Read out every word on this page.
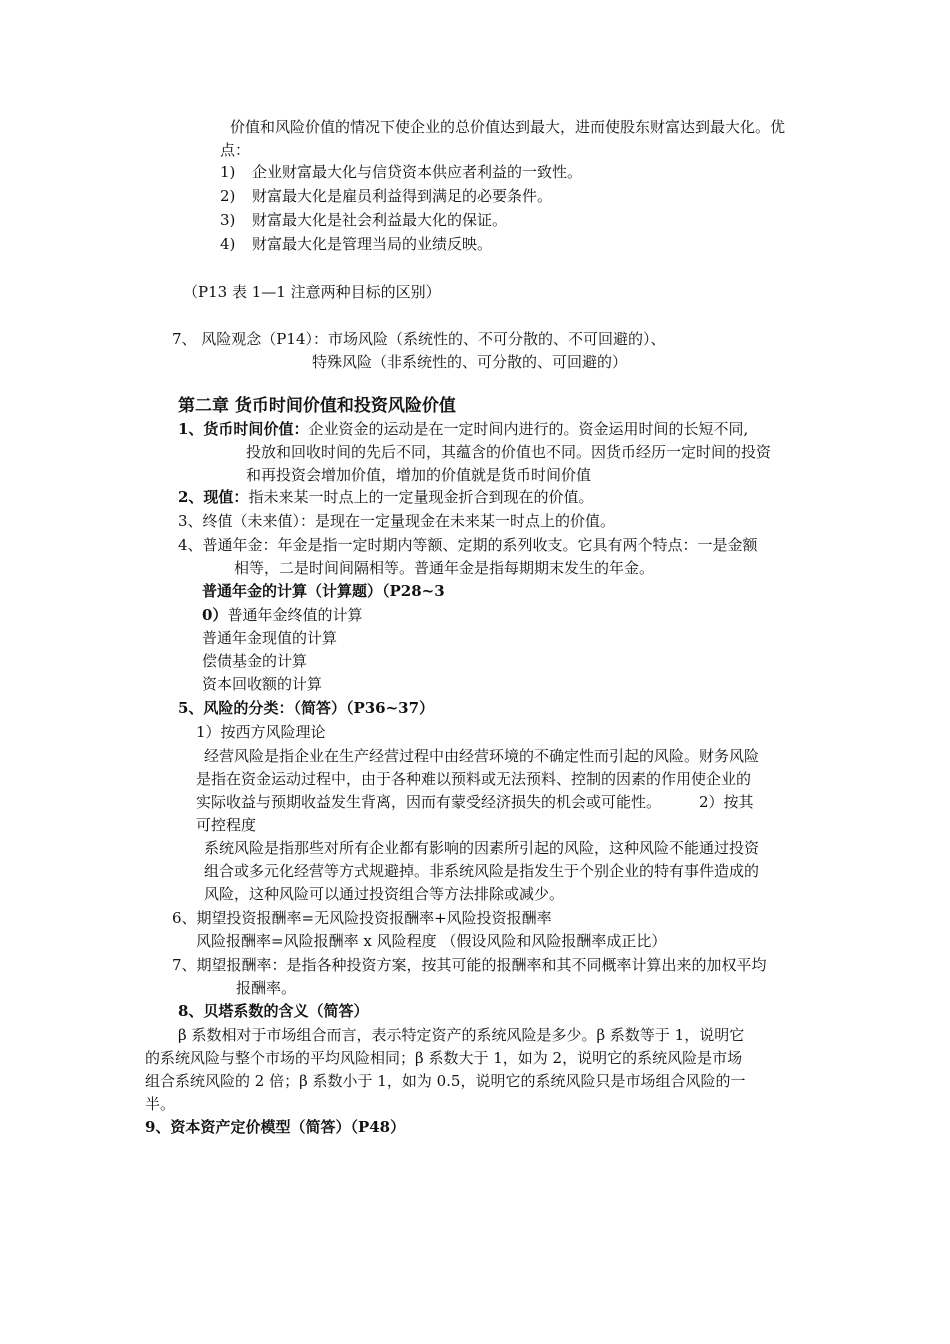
价值和风险价值的情况下使企业的总价值达到最大，进而使股东财富达到最大化。优
点：
1) 企业财富最大化与信贷资本供应者利益的一致性。
2) 财富最大化是雇员利益得到满足的必要条件。
3) 财富最大化是社会利益最大化的保证。
4) 财富最大化是管理当局的业绩反映。
（P13 表 1—1 注意两种目标的区别）
7、 风险观念（P14）：市场风险（系统性的、不可分散的、不可回避的）、
特殊风险（非系统性的、可分散的、可回避的）
第二章 货币时间价值和投资风险价值
1、货币时间价值：企业资金的运动是在一定时间内进行的。资金运用时间的长短不同,
投放和回收时间的先后不同，其蕴含的价值也不同。因货币经历一定时间的投资
和再投资会增加价值，增加的价值就是货币时间价值
2、现值：指未来某一时点上的一定量现金折合到现在的价值。
3、终值（未来值）：是现在一定量现金在未来某一时点上的价值。
4、普通年金：年金是指一定时期内等额、定期的系列收支。它具有两个特点：一是金额
相等，二是时间间隔相等。普通年金是指每期期末发生的年金。
普通年金的计算（计算题）（P28~3
0）普通年金终值的计算
普通年金现值的计算
偿债基金的计算
资本回收额的计算
5、风险的分类：（简答）（P36~37）
1）按西方风险理论
经营风险是指企业在生产经营过程中由经营环境的不确定性而引起的风险。财务风险
是指在资金运动过程中，由于各种难以预料或无法预料、控制的因素的作用使企业的
实际收益与预期收益发生背离，因而有蒙受经济损失的机会或可能性。	2）按其
可控程度
系统风险是指那些对所有企业都有影响的因素所引起的风险，这种风险不能通过投资
组合或多元化经营等方式规避掉。非系统风险是指发生于个别企业的特有事件造成的
风险，这种风险可以通过投资组合等方法排除或减少。
6、期望投资报酬率=无风险投资报酬率+风险投资报酬率
风险报酬率=风险报酬率 x 风险程度 （假设风险和风险报酬率成正比）
7、期望报酬率：是指各种投资方案，按其可能的报酬率和其不同概率计算出来的加权平均
报酬率。
8、贝塔系数的含义（简答）
β 系数相对于市场组合而言，表示特定资产的系统风险是多少。β 系数等于 1，说明它
的系统风险与整个市场的平均风险相同；β 系数大于 1，如为 2，说明它的系统风险是市场
组合系统风险的 2 倍；β 系数小于 1，如为 0.5，说明它的系统风险只是市场组合风险的一
半。
9、资本资产定价模型（简答）（P48）
